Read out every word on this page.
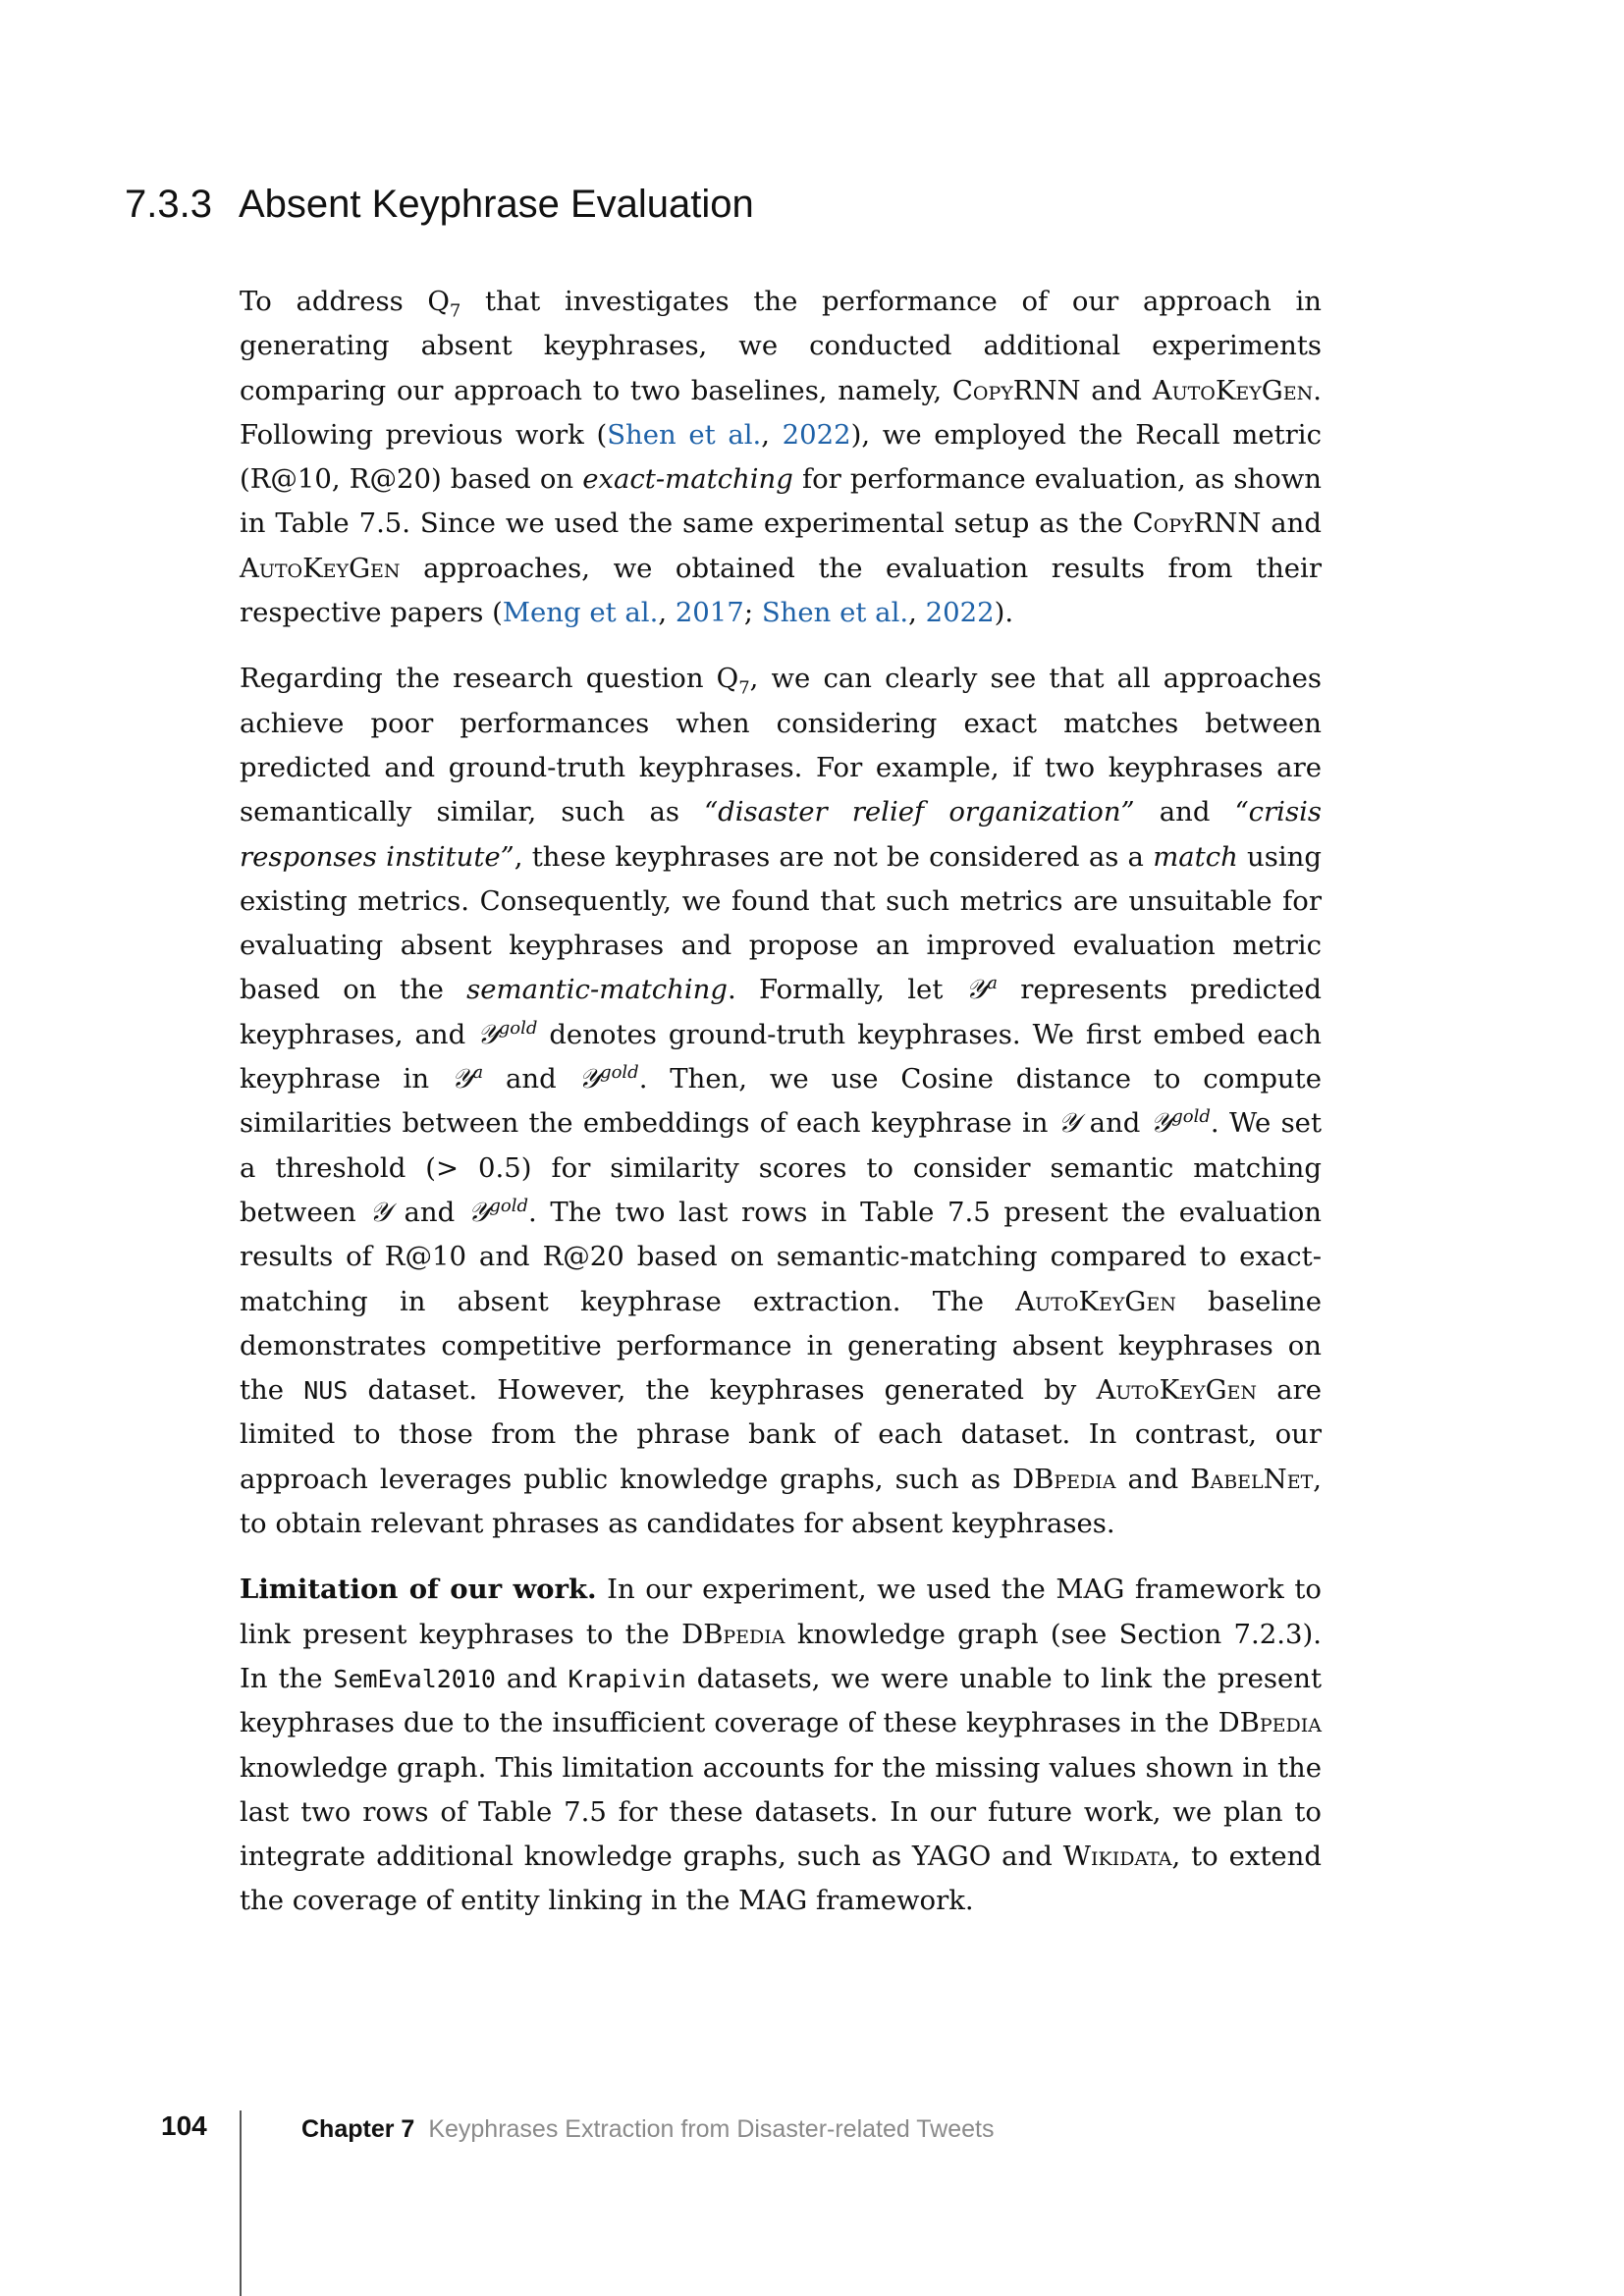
7.3.3 Absent Keyphrase Evaluation

To address $Q_7$ that investigates the performance of our approach in generating absent keyphrases, we conducted additional experiments comparing our approach to two baselines, namely, CopyRNN and AutoKeyGen. Following previous work (Shen et al., 2022), we employed the Recall metric (R@10, R@20) based on exact-matching for performance evaluation, as shown in Table 7.5. Since we used the same experimental setup as the CopyRNN and AutoKeyGen approaches, we obtained the evaluation results from their respective papers (Meng et al., 2017; Shen et al., 2022).

Regarding the research question $Q_7$, we can clearly see that all approaches achieve poor performances when considering exact matches between predicted and ground-truth keyphrases. For example, if two keyphrases are semantically similar, such as “disaster relief organization” and “crisis responses institute”, these keyphrases are not be considered as a match using existing metrics. Consequently, we found that such metrics are unsuitable for evaluating absent keyphrases and propose an improved evaluation metric based on the semantic-matching. Formally, let 𝒴$^a$ represents predicted keyphrases, and 𝒴$^{gold}$ denotes ground-truth keyphrases. We first embed each keyphrase in 𝒴$^a$ and 𝒴$^{gold}$. Then, we use Cosine distance to compute similarities between the embeddings of each keyphrase in 𝒴 and 𝒴$^{gold}$. We set a threshold (> 0.5) for similarity scores to consider semantic matching between 𝒴 and 𝒴$^{gold}$. The two last rows in Table 7.5 present the evaluation results of R@10 and R@20 based on semantic-matching compared to exact-matching in absent keyphrase extraction. The AutoKeyGen baseline demonstrates competitive performance in generating absent keyphrases on the NUS dataset. However, the keyphrases generated by AutoKeyGen are limited to those from the phrase bank of each dataset. In contrast, our approach leverages public knowledge graphs, such as DBpedia and BabelNet, to obtain relevant phrases as candidates for absent keyphrases.

Limitation of our work. In our experiment, we used the MAG framework to link present keyphrases to the DBpedia knowledge graph (see Section 7.2.3). In the SemEval2010 and Krapivin datasets, we were unable to link the present keyphrases due to the insufficient coverage of these keyphrases in the DBpedia knowledge graph. This limitation accounts for the missing values shown in the last two rows of Table 7.5 for these datasets. In our future work, we plan to integrate additional knowledge graphs, such as YAGO and Wikidata, to extend the coverage of entity linking in the MAG framework.

104	Chapter 7 Keyphrases Extraction from Disaster-related Tweets
